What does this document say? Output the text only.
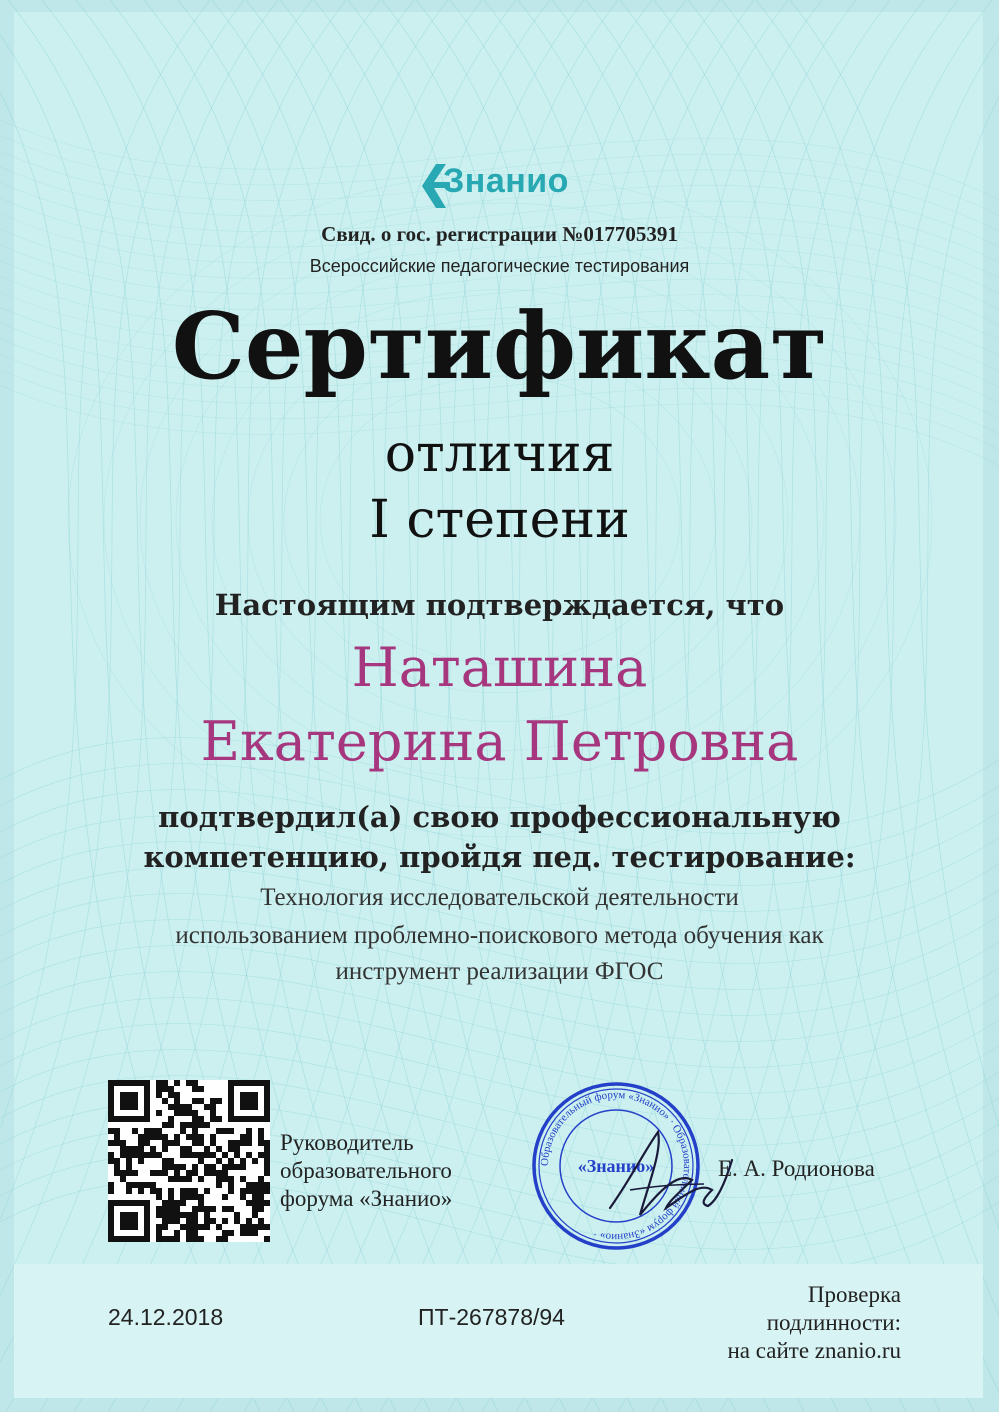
Знанио
Свид. о гос. регистрации №017705391
Всероссийские педагогические тестирования
Сертификат
отличия
I степени
Настоящим подтверждается, что
Наташина
Екатерина Петровна
подтвердил(а) свою профессиональную
компетенцию, пройдя пед. тестирование:
Технология исследовательской деятельности
использованием проблемно-поискового метода обучения как
инструмент реализации ФГОС
Руководитель
образовательного
форума «Знанио»
Образовательный форум «Знанио» · Образовательный форум «Знанио» ·
«Знанио»	Е. А. Родионова
24.12.2018	ПТ-267878/94
Проверка
подлинности:
на сайте znanio.ru
